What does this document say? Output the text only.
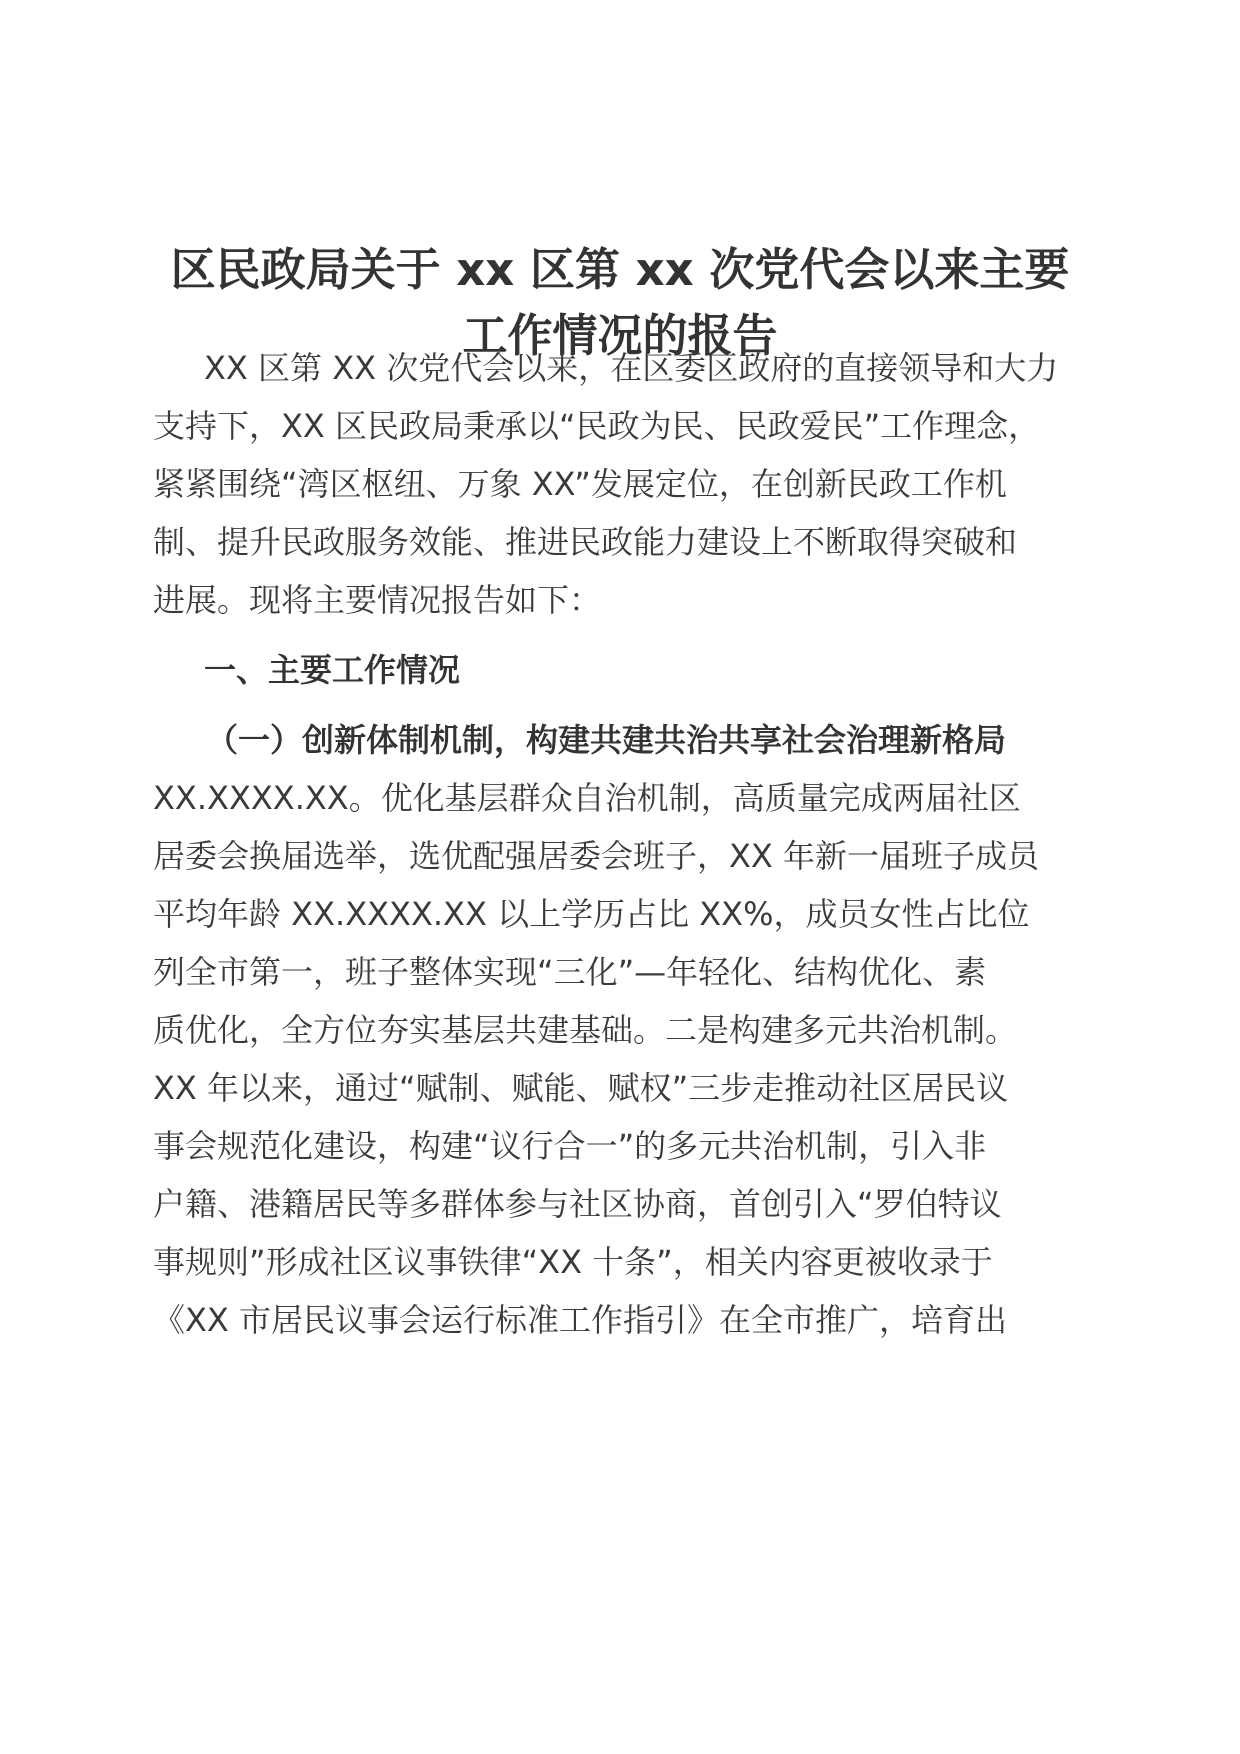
区民政局关于 xx 区第 xx 次党代会以来主要
工作情况的报告
XX 区第 XX 次党代会以来，在区委区政府的直接领导和大力
支持下，XX 区民政局秉承以“民政为民、民政爱民”工作理念，
紧紧围绕“湾区枢纽、万象 XX”发展定位，在创新民政工作机
制、提升民政服务效能、推进民政能力建设上不断取得突破和
进展。现将主要情况报告如下：
一、主要工作情况
（一）创新体制机制，构建共建共治共享社会治理新格局
XX.XXXX.XX。优化基层群众自治机制，高质量完成两届社区
居委会换届选举，选优配强居委会班子，XX 年新一届班子成员
平均年龄 XX.XXXX.XX 以上学历占比 XX%，成员女性占比位
列全市第一，班子整体实现“三化”—年轻化、结构优化、素
质优化，全方位夯实基层共建基础。二是构建多元共治机制。
XX 年以来，通过“赋制、赋能、赋权”三步走推动社区居民议
事会规范化建设，构建“议行合一”的多元共治机制，引入非
户籍、港籍居民等多群体参与社区协商，首创引入“罗伯特议
事规则”形成社区议事铁律“XX 十条”，相关内容更被收录于
《XX 市居民议事会运行标准工作指引》在全市推广，培育出
